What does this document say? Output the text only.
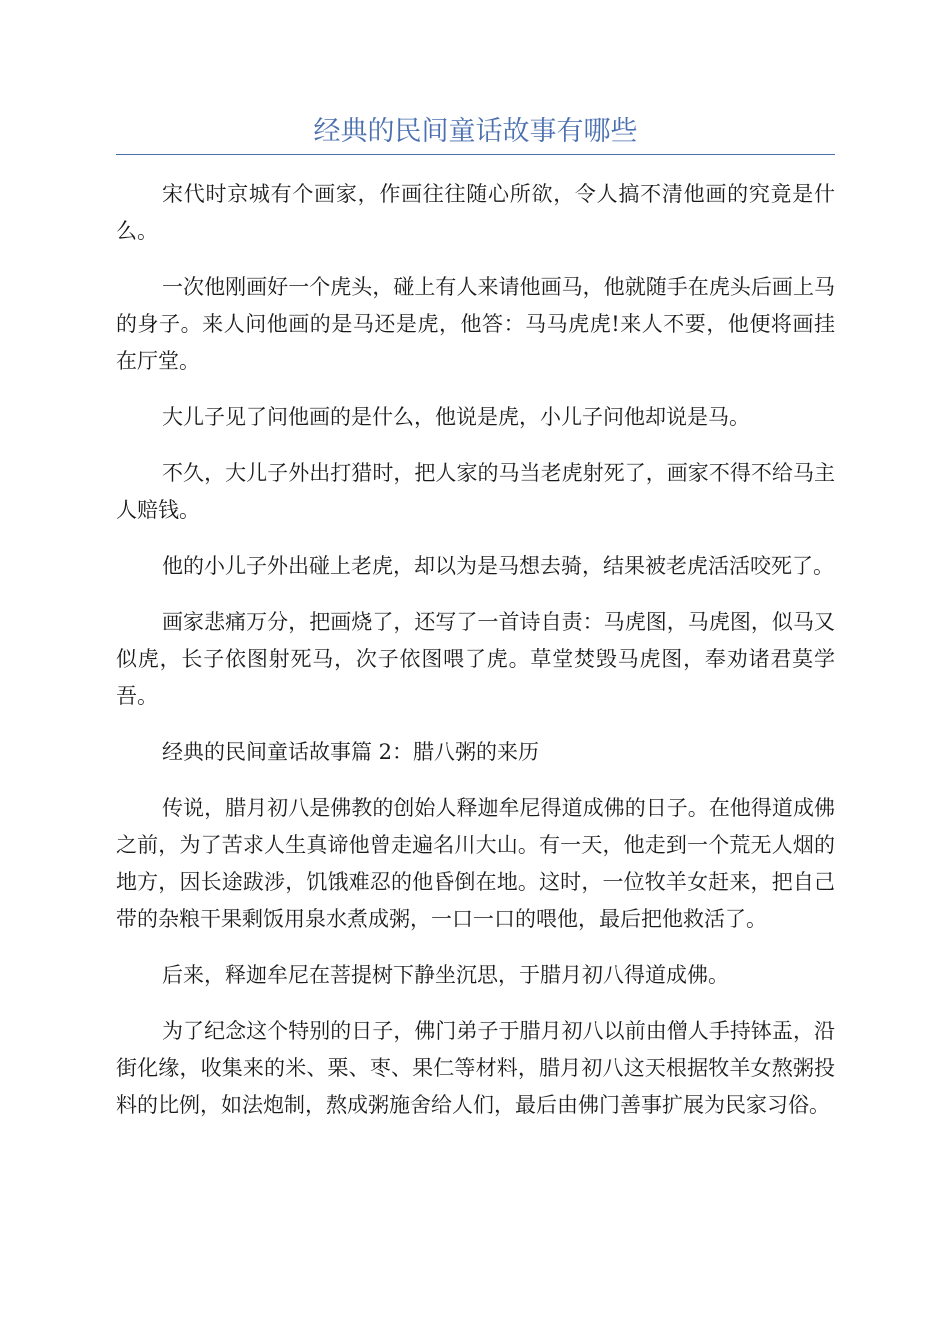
经典的民间童话故事有哪些

宋代时京城有个画家，作画往往随心所欲，令人搞不清他画的究竟是什么。

一次他刚画好一个虎头，碰上有人来请他画马，他就随手在虎头后画上马的身子。来人问他画的是马还是虎，他答：马马虎虎!来人不要，他便将画挂在厅堂。

大儿子见了问他画的是什么，他说是虎，小儿子问他却说是马。

不久，大儿子外出打猎时，把人家的马当老虎射死了，画家不得不给马主人赔钱。

他的小儿子外出碰上老虎，却以为是马想去骑，结果被老虎活活咬死了。

画家悲痛万分，把画烧了，还写了一首诗自责：马虎图，马虎图，似马又似虎，长子依图射死马，次子依图喂了虎。草堂焚毁马虎图，奉劝诸君莫学吾。

经典的民间童话故事篇 2：腊八粥的来历

传说，腊月初八是佛教的创始人释迦牟尼得道成佛的日子。在他得道成佛之前，为了苦求人生真谛他曾走遍名川大山。有一天，他走到一个荒无人烟的地方，因长途跋涉，饥饿难忍的他昏倒在地。这时，一位牧羊女赶来，把自己带的杂粮干果剩饭用泉水煮成粥，一口一口的喂他，最后把他救活了。

后来，释迦牟尼在菩提树下静坐沉思，于腊月初八得道成佛。

为了纪念这个特别的日子，佛门弟子于腊月初八以前由僧人手持钵盂，沿街化缘，收集来的米、栗、枣、果仁等材料，腊月初八这天根据牧羊女熬粥投料的比例，如法炮制，熬成粥施舍给人们，最后由佛门善事扩展为民家习俗。
